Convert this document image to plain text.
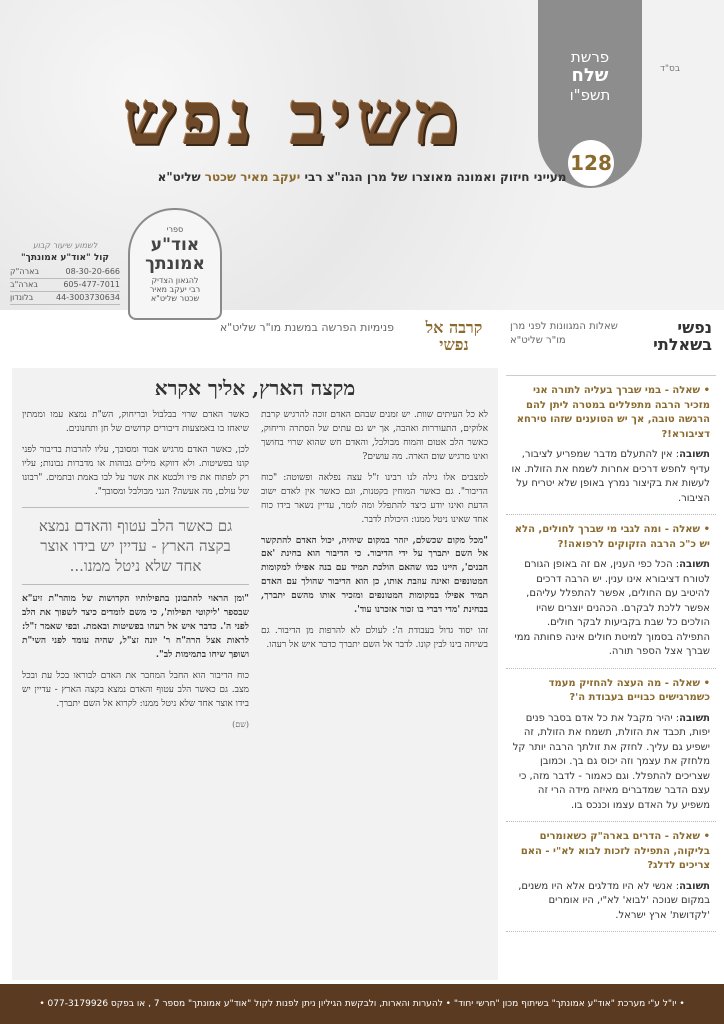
בס"ד
פרשת
שלח
תשפ"ו
128
משיב נפש
מעייני חיזוק ואמונה מאוצרו של מרן הגה"צ רבי יעקב מאיר שכטר שליט"א
ספרי
אוד"ע אמונתך
להגאון הצדיק
רבי יעקב מאיר
שכטר שליט"א
לשמוע שיעור קבוע
קול "אוד"ע אמונתך"
08-30-20-666
בארה"ק
605-477-7011
בארה"ב
44-3003730634
בלונדון
נפשי בשאלתי
שאלות המגוונות לפני מרן מו"ר שליט"א
• שאלה - במי שברך בעליה לתורה אני מזכיר הרבה מתפללים במטרה ליתן להם הרגשה טובה, אך יש הטוענים שזהו טירחא דציבורא!?
תשובה: אין להתעלם מדבר שמפריע לציבור, עדיף לחפש דרכים אחרות לשמח את הזולת. או לעשות את בקיצור נמרץ באופן שלא יטריח על הציבור.
• שאלה - ומה לגבי מי שברך לחולים, הלא יש כ"כ הרבה הזקוקים לרפואה!?
תשובה: הכל כפי הענין, אם זה באופן הגורם לטורח דציבורא אינו ענין. יש הרבה דרכים להיטיב עם החולים, אפשר להתפלל עליהם, אפשר ללכת לבקרם. הכהנים יוצרים שהיו הולכים כל שבת בקביעות לבקר חולים. התפילה בסמוך למיטת חולים אינה פחותה ממי שברך אצל הספר תורה.
• שאלה - מה העצה להחזיק מעמד כשמרגישים כבויים בעבודת ה'?
תשובה: יהיר מקבל את כל אדם בסבר פנים יפות, תכבד את הזולת, תשמח את הזולת, זה ישפיע גם עליך. לחזק את זולתך הרבה יותר קל מלחזק את עצמך וזה יכוס גם בך. וכמובן שצריכים להתפלל. וגם כאמור - לדבר מזה, כי עצם הדבר שמדברים מאיזה מידה הרי זה משפיע על האדם עצמו וכנכס בו.
• שאלה - הדרים בארה"ק כשאומרים בליקוה, התפילה לזכות לבוא לא"י - האם צריכים לדלג?
תשובה: אנשי לא היו מדלגים אלא היו משנים, במקום שנוכה 'לבוא' לא"י, היו אומרים 'לקדושת' ארץ ישראל.
קרבה אל נפשי
פנימיות הפרשה במשנת מו"ר שליט"א
מקצה הארץ, אליך אקרא

לא כל העיתים שוות. יש זמנים שבהם האדם זוכה להרגיש קרבת אלוקים, התעוררות ואהבה, אך יש גם עתים של הסתרה וריחוק, כאשר הלב אטום והמוח מבולבל, והאדם חש שהוא שרוי בחושך ואינו מרגיש שום הארה. מה עושים?

למצבים אלו גילה לנו רבינו ז"ל עצה נפלאה ופשוטה: "כוח הדיבור". גם כאשר המוחין בקטנות, וגם כאשר אין לאדם ישוב הדעת ואינו יודע כיצד להתפלל ומה לומר, עדיין נשאר בידו כוח אחד שאינו ניטל ממנו: היכולת לדבר.

"מכל מקום שכשלם, יזהר במקום שיהיה, יכול האדם להתקשר אל השם יתברך על ידי הדיבור. כי הדיבור הוא בחינת 'אם הבנים', היינו כמו שהאם הולכת תמיד עם בנה אפילו למקומות המטונפים ואינה עוזבת אותו, כן הוא הדיבור שהולך עם האדם תמיד אפילו במקומות המטונפים ומזכיר אותו מהשם יתברך, בבחינת 'מדי דברי בו זכור אזכרנו עוד'.

זהו יסוד גדול בעבודת ה': לעולם לא להרפות מן הדיבור. גם בשיחה בינו לבין קונו. לדבר אל השם יתברך כדבר איש אל רעהו.

כאשר האדם שרוי בבלבול ובריחוק, הש"ת נמצא עמו וממתין שיאחז בו באמצעות דיבורים קדושים של חן ותחנונים.

לכן, כאשר האדם מרגיש אבוד ומסובך, עליו להרבות בדיבור לפני קונו בפשיטות. ולא דווקא מילים גבוהות או מדברות נבונות; עליו רק לפתוח את פיו ולבטא את אשר על לבו באמת ובתמים. "רבונו של עולם, מה אעשה? הנני מבולבל ומסובך".

גם כאשר הלב עטוף והאדם נמצא בקצה הארץ - עדיין יש בידו אוצר אחד שלא ניטל ממנו...

"ומן הראוי להתבונן בתפילותיו הקדושות של מוהר"ת זיע"א שבספר 'ליקוטי תפילות', כי משם לומדים כיצד לשפוך את הלב לפני ה'. כדבר איש אל רעהו בפשיטות ובאמת. ובפי שאמר ז"ל: לראות אצל הרה"ח ר' יונה זצ"ל, שהיה עומד לפני השי"ת ושופך שיחו בתמימות לב".

כוח הדיבור הוא החבל המחבר את האדם לבוראו בכל עת ובכל מצב. גם כאשר הלב עטוף והאדם נמצא בקצה הארץ - עדיין יש בידו אוצר אחד שלא ניטל ממנו: לקרוא אל השם יתברך.

(שם)

• יו"ל ע"י מערכת "אוד"ע אמונתך" בשיתוף מכון "חרשי יחוד" • להערות והארות, ולבקשת הגיליון ניתן לפנות לקול "אוד"ע אמונתך" מספר 7 , או בפקס 077-3179926 •
